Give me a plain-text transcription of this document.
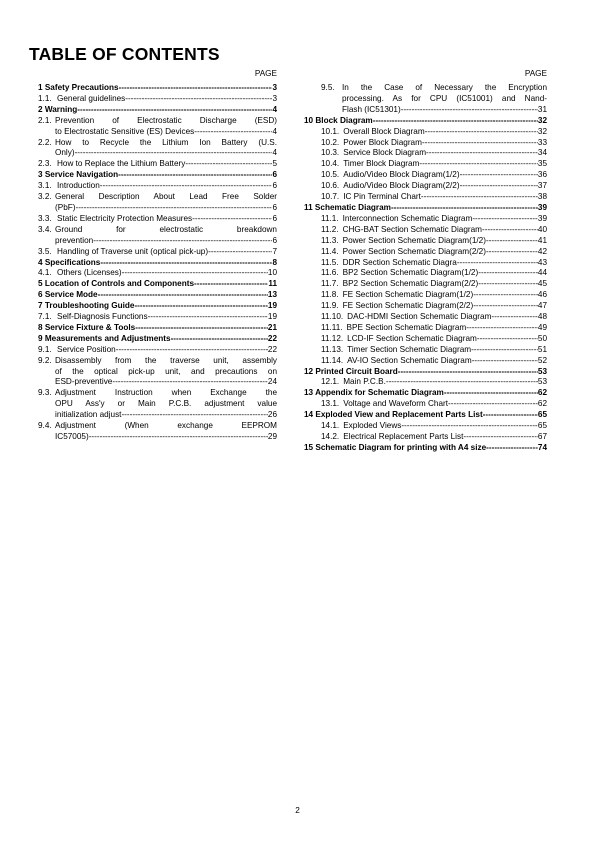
TABLE OF CONTENTS
PAGE
1 Safety Precautions -----	3
1.1. General guidelines -----	3
2 Warning -----	4
2.1. Prevention of Electrostatic Discharge (ESD)
to Electrostatic Sensitive (ES) Devices -----	4
2.2. How to Recycle the Lithium Ion Battery (U.S.
Only) -----	4
2.3. How to Replace the Lithium Battery -----	5
3 Service Navigation -----	6
3.1. Introduction -----	6
3.2. General Description About Lead Free Solder
(PbF) -----	6
3.3. Static Electricity Protection Measures -----	6
3.4. Ground for electrostatic breakdown
prevention -----	6
3.5. Handling of Traverse unit (optical pick-up) -----	7
4 Specifications -----	8
4.1. Others (Licenses) -----	10
5 Location of Controls and Components -----	11
6 Service Mode -----	13
7 Troubleshooting Guide -----	19
7.1. Self-Diagnosis Functions -----	19
8 Service Fixture & Tools -----	21
9 Measurements and Adjustments -----	22
9.1. Service Position -----	22
9.2. Disassembly from the traverse unit, assembly
of the optical pick-up unit, and precautions on
ESD-preventive -----	24
9.3. Adjustment Instruction when Exchange the
OPU Ass'y or Main P.C.B. adjustment value
initialization adjust -----	26
9.4. Adjustment (When exchange EEPROM
IC57005) -----	29
PAGE
9.5. In the Case of Necessary the Encryption
processing. As for CPU (IC51001) and Nand-
Flash (IC51301) -----	31
10 Block Diagram -----	32
10.1. Overall Block Diagram -----	32
10.2. Power Block Diagram -----	33
10.3. Service Block Diagram -----	34
10.4. Timer Block Diagram -----	35
10.5. Audio/Video Block Diagram(1/2) -----	36
10.6. Audio/Video Block Diagram(2/2) -----	37
10.7. IC Pin Terminal Chart -----	38
11 Schematic Diagram -----	39
11.1. Interconnection Schematic Diagram -----	39
11.2. CHG-BAT Section Schematic Diagram -----	40
11.3. Power Section Schematic Diagram(1/2) -----	41
11.4. Power Section Schematic Diagram(2/2) -----	42
11.5. DDR Section Schematic Diagra -----	43
11.6. BP2 Section Schematic Diagram(1/2) -----	44
11.7. BP2 Section Schematic Diagram(2/2) -----	45
11.8. FE Section Schematic Diagram(1/2) -----	46
11.9. FE Section Schematic Diagram(2/2) -----	47
11.10. DAC-HDMI Section Schematic Diagram -----	48
11.11. BPE Section Schematic Diagram -----	49
11.12. LCD-IF Section Schematic Diagram -----	50
11.13. Timer Section Schematic Diagram -----	51
11.14. AV-IO Section Schematic Diagram -----	52
12 Printed Circuit Board -----	53
12.1. Main P.C.B. -----	53
13 Appendix for Schematic Diagram -----	62
13.1. Voltage and Waveform Chart -----	62
14 Exploded View and Replacement Parts List -----	65
14.1. Exploded Views -----	65
14.2. Electrical Replacement Parts List -----	67
15 Schematic Diagram for printing with A4 size -----	74
2
